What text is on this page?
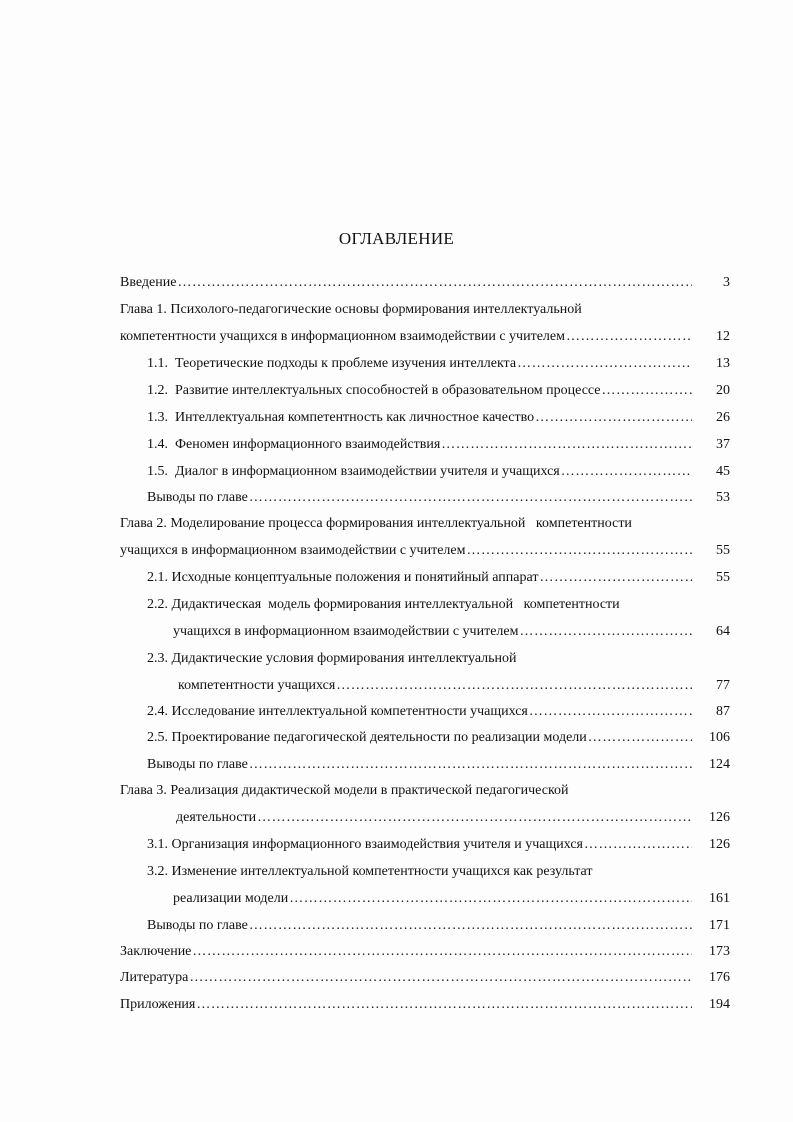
ОГЛАВЛЕНИЕ
Введение ……………………………………………………………………………………………………………………………………………	3
Глава 1. Психолого-педагогические основы формирования интеллектуальной
компетентности учащихся в информационном взаимодействии с учителем ……………………………………………………………………………………………………………………………………………	12
1.1.  Теоретические подходы к проблеме изучения интеллекта ……………………………………………………………………………………………………………………………………………	13
1.2.  Развитие интеллектуальных способностей в образовательном процессе ……………………………………………………………………………………………………………………………………………	20
1.3.  Интеллектуальная компетентность как личностное качество ……………………………………………………………………………………………………………………………………………	26
1.4.  Феномен информационного взаимодействия ……………………………………………………………………………………………………………………………………………	37
1.5.  Диалог в информационном взаимодействии учителя и учащихся ……………………………………………………………………………………………………………………………………………	45
Выводы по главе ……………………………………………………………………………………………………………………………………………	53
Глава 2. Моделирование процесса формирования интеллектуальной   компетентности
учащихся в информационном взаимодействии с учителем ……………………………………………………………………………………………………………………………………………	55
2.1. Исходные концептуальные положения и понятийный аппарат ……………………………………………………………………………………………………………………………………………	55
2.2. Дидактическая  модель формирования интеллектуальной   компетентности
учащихся в информационном взаимодействии с учителем ……………………………………………………………………………………………………………………………………………	64
2.3. Дидактические условия формирования интеллектуальной
компетентности учащихся ……………………………………………………………………………………………………………………………………………	77
2.4. Исследование интеллектуальной компетентности учащихся ……………………………………………………………………………………………………………………………………………	87
2.5. Проектирование педагогической деятельности по реализации модели ……………………………………………………………………………………………………………………………………………	106
Выводы по главе ……………………………………………………………………………………………………………………………………………	124
Глава 3. Реализация дидактической модели в практической педагогической
деятельности ……………………………………………………………………………………………………………………………………………	126
3.1. Организация информационного взаимодействия учителя и учащихся ……………………………………………………………………………………………………………………………………………	126
3.2. Изменение интеллектуальной компетентности учащихся как результат
реализации модели ……………………………………………………………………………………………………………………………………………	161
Выводы по главе ……………………………………………………………………………………………………………………………………………	171
Заключение ……………………………………………………………………………………………………………………………………………	173
Литература ……………………………………………………………………………………………………………………………………………	176
Приложения ……………………………………………………………………………………………………………………………………………	194
